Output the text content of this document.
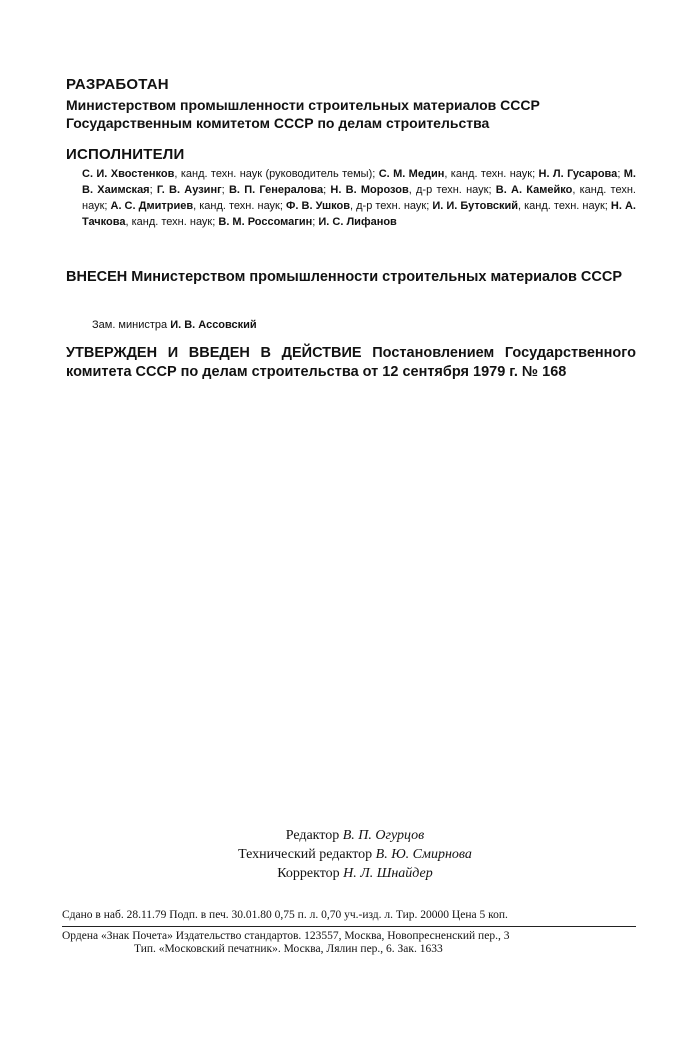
РАЗРАБОТАН
Министерством промышленности строительных материалов СССР
Государственным комитетом СССР по делам строительства
ИСПОЛНИТЕЛИ
С. И. Хвостенков, канд. техн. наук (руководитель темы); С. М. Медин, канд. техн. наук; Н. Л. Гусарова; М. В. Хаимская; Г. В. Аузинг; В. П. Генералова; Н. В. Морозов, д-р техн. наук; В. А. Камейко, канд. техн. наук; А. С. Дмитриев, канд. техн. наук; Ф. В. Ушков, д-р техн. наук; И. И. Бутовский, канд. техн. наук; Н. А. Тачкова, канд. техн. наук; В. М. Россомагин; И. С. Лифанов
ВНЕСЕН Министерством промышленности строительных материалов СССР
Зам. министра И. В. Ассовский
УТВЕРЖДЕН И ВВЕДЕН В ДЕЙСТВИЕ Постановлением Государственного комитета СССР по делам строительства от 12 сентября 1979 г. № 168
Редактор В. П. Огурцов
Технический редактор В. Ю. Смирнова
Корректор Н. Л. Шнайдер
Сдано в наб. 28.11.79 Подп. в печ. 30.01.80 0,75 п. л. 0,70 уч.-изд. л. Тир. 20000 Цена 5 коп.
Ордена «Знак Почета» Издательство стандартов. 123557, Москва, Новопресненский пер., 3
Тип. «Московский печатник». Москва, Лялин пер., 6. Зак. 1633
